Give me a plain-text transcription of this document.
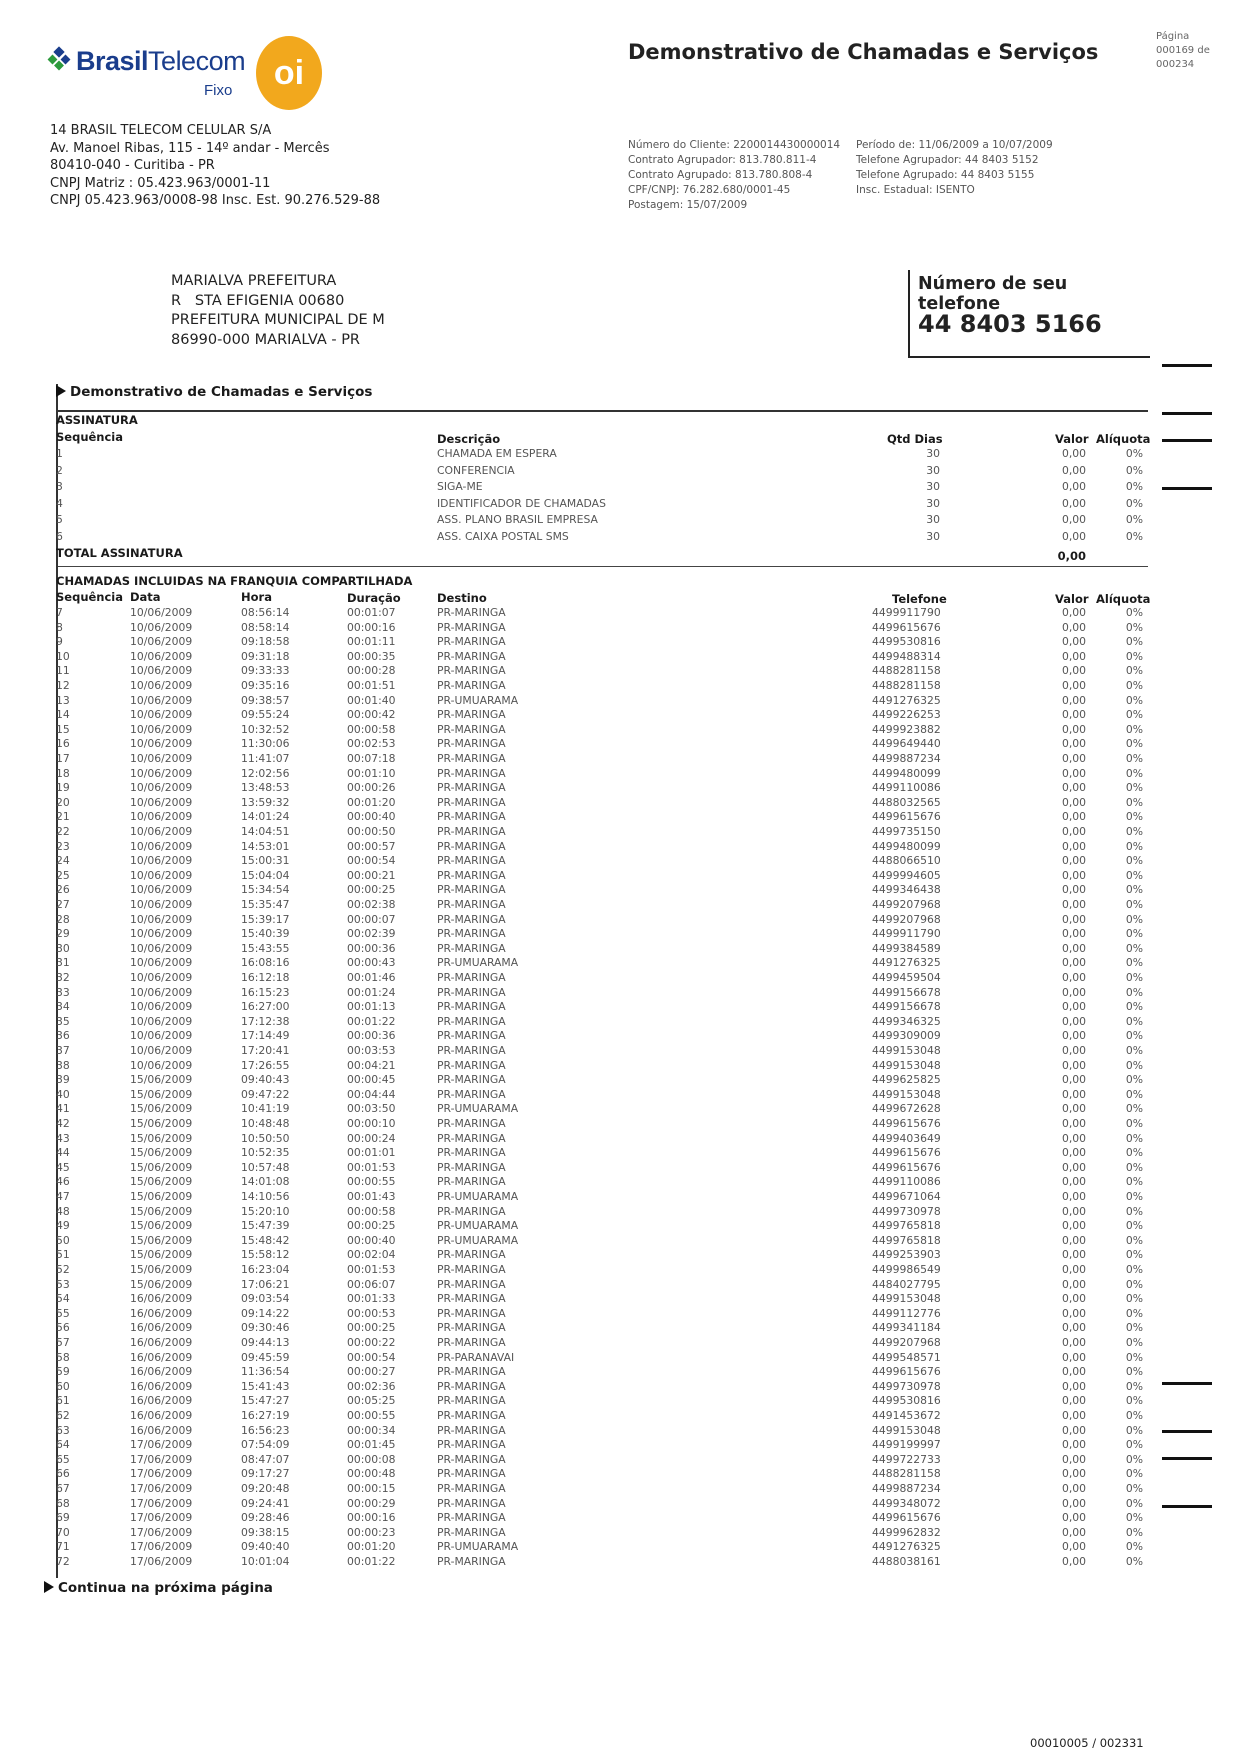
BrasilTelecom
Fixo	oi
Demonstrativo de Chamadas e Serviços
Página
000169 de
000234
14 BRASIL TELECOM CELULAR S/A
Av. Manoel Ribas, 115 - 14º andar - Mercês
80410-040 - Curitiba - PR
CNPJ Matriz : 05.423.963/0001-11
CNPJ 05.423.963/0008-98 Insc. Est. 90.276.529-88
Número do Cliente: 2200014430000014
Contrato Agrupador: 813.780.811-4
Contrato Agrupado: 813.780.808-4
CPF/CNPJ: 76.282.680/0001-45
Postagem: 15/07/2009
Período de: 11/06/2009 a 10/07/2009
Telefone Agrupador: 44 8403 5152
Telefone Agrupado: 44 8403 5155
Insc. Estadual: ISENTO
MARIALVA PREFEITURA
R   STA EFIGENIA 00680
PREFEITURA MUNICIPAL DE M
86990-000 MARIALVA - PR
Número de seu telefone
44 8403 5166
Demonstrativo de Chamadas e Serviços
ASSINATURA
Sequência	Descrição	Qtd Dias	Valor Alíquota
1	CHAMADA EM ESPERA	30	0,00	0%
2	CONFERENCIA	30	0,00	0%
3	SIGA-ME	30	0,00	0%
4	IDENTIFICADOR DE CHAMADAS	30	0,00	0%
5	ASS. PLANO BRASIL EMPRESA	30	0,00	0%
6	ASS. CAIXA POSTAL SMS	30	0,00	0%
TOTAL ASSINATURA	0,00
CHAMADAS INCLUIDAS NA FRANQUIA COMPARTILHADA
Sequência Data	Hora	Duração	Destino	Telefone	Valor Alíquota
7	10/06/2009	08:56:14	00:01:07	PR-MARINGA	4499911790	0,00	0%
8	10/06/2009	08:58:14	00:00:16	PR-MARINGA	4499615676	0,00	0%
9	10/06/2009	09:18:58	00:01:11	PR-MARINGA	4499530816	0,00	0%
10	10/06/2009	09:31:18	00:00:35	PR-MARINGA	4499488314	0,00	0%
11	10/06/2009	09:33:33	00:00:28	PR-MARINGA	4488281158	0,00	0%
12	10/06/2009	09:35:16	00:01:51	PR-MARINGA	4488281158	0,00	0%
13	10/06/2009	09:38:57	00:01:40	PR-UMUARAMA	4491276325	0,00	0%
14	10/06/2009	09:55:24	00:00:42	PR-MARINGA	4499226253	0,00	0%
15	10/06/2009	10:32:52	00:00:58	PR-MARINGA	4499923882	0,00	0%
16	10/06/2009	11:30:06	00:02:53	PR-MARINGA	4499649440	0,00	0%
17	10/06/2009	11:41:07	00:07:18	PR-MARINGA	4499887234	0,00	0%
18	10/06/2009	12:02:56	00:01:10	PR-MARINGA	4499480099	0,00	0%
19	10/06/2009	13:48:53	00:00:26	PR-MARINGA	4499110086	0,00	0%
20	10/06/2009	13:59:32	00:01:20	PR-MARINGA	4488032565	0,00	0%
21	10/06/2009	14:01:24	00:00:40	PR-MARINGA	4499615676	0,00	0%
22	10/06/2009	14:04:51	00:00:50	PR-MARINGA	4499735150	0,00	0%
23	10/06/2009	14:53:01	00:00:57	PR-MARINGA	4499480099	0,00	0%
24	10/06/2009	15:00:31	00:00:54	PR-MARINGA	4488066510	0,00	0%
25	10/06/2009	15:04:04	00:00:21	PR-MARINGA	4499994605	0,00	0%
26	10/06/2009	15:34:54	00:00:25	PR-MARINGA	4499346438	0,00	0%
27	10/06/2009	15:35:47	00:02:38	PR-MARINGA	4499207968	0,00	0%
28	10/06/2009	15:39:17	00:00:07	PR-MARINGA	4499207968	0,00	0%
29	10/06/2009	15:40:39	00:02:39	PR-MARINGA	4499911790	0,00	0%
30	10/06/2009	15:43:55	00:00:36	PR-MARINGA	4499384589	0,00	0%
31	10/06/2009	16:08:16	00:00:43	PR-UMUARAMA	4491276325	0,00	0%
32	10/06/2009	16:12:18	00:01:46	PR-MARINGA	4499459504	0,00	0%
33	10/06/2009	16:15:23	00:01:24	PR-MARINGA	4499156678	0,00	0%
34	10/06/2009	16:27:00	00:01:13	PR-MARINGA	4499156678	0,00	0%
35	10/06/2009	17:12:38	00:01:22	PR-MARINGA	4499346325	0,00	0%
36	10/06/2009	17:14:49	00:00:36	PR-MARINGA	4499309009	0,00	0%
37	10/06/2009	17:20:41	00:03:53	PR-MARINGA	4499153048	0,00	0%
38	10/06/2009	17:26:55	00:04:21	PR-MARINGA	4499153048	0,00	0%
39	15/06/2009	09:40:43	00:00:45	PR-MARINGA	4499625825	0,00	0%
40	15/06/2009	09:47:22	00:04:44	PR-MARINGA	4499153048	0,00	0%
41	15/06/2009	10:41:19	00:03:50	PR-UMUARAMA	4499672628	0,00	0%
42	15/06/2009	10:48:48	00:00:10	PR-MARINGA	4499615676	0,00	0%
43	15/06/2009	10:50:50	00:00:24	PR-MARINGA	4499403649	0,00	0%
44	15/06/2009	10:52:35	00:01:01	PR-MARINGA	4499615676	0,00	0%
45	15/06/2009	10:57:48	00:01:53	PR-MARINGA	4499615676	0,00	0%
46	15/06/2009	14:01:08	00:00:55	PR-MARINGA	4499110086	0,00	0%
47	15/06/2009	14:10:56	00:01:43	PR-UMUARAMA	4499671064	0,00	0%
48	15/06/2009	15:20:10	00:00:58	PR-MARINGA	4499730978	0,00	0%
49	15/06/2009	15:47:39	00:00:25	PR-UMUARAMA	4499765818	0,00	0%
50	15/06/2009	15:48:42	00:00:40	PR-UMUARAMA	4499765818	0,00	0%
51	15/06/2009	15:58:12	00:02:04	PR-MARINGA	4499253903	0,00	0%
52	15/06/2009	16:23:04	00:01:53	PR-MARINGA	4499986549	0,00	0%
53	15/06/2009	17:06:21	00:06:07	PR-MARINGA	4484027795	0,00	0%
54	16/06/2009	09:03:54	00:01:33	PR-MARINGA	4499153048	0,00	0%
55	16/06/2009	09:14:22	00:00:53	PR-MARINGA	4499112776	0,00	0%
56	16/06/2009	09:30:46	00:00:25	PR-MARINGA	4499341184	0,00	0%
57	16/06/2009	09:44:13	00:00:22	PR-MARINGA	4499207968	0,00	0%
58	16/06/2009	09:45:59	00:00:54	PR-PARANAVAI	4499548571	0,00	0%
59	16/06/2009	11:36:54	00:00:27	PR-MARINGA	4499615676	0,00	0%
60	16/06/2009	15:41:43	00:02:36	PR-MARINGA	4499730978	0,00	0%
61	16/06/2009	15:47:27	00:05:25	PR-MARINGA	4499530816	0,00	0%
62	16/06/2009	16:27:19	00:00:55	PR-MARINGA	4491453672	0,00	0%
63	16/06/2009	16:56:23	00:00:34	PR-MARINGA	4499153048	0,00	0%
64	17/06/2009	07:54:09	00:01:45	PR-MARINGA	4499199997	0,00	0%
65	17/06/2009	08:47:07	00:00:08	PR-MARINGA	4499722733	0,00	0%
66	17/06/2009	09:17:27	00:00:48	PR-MARINGA	4488281158	0,00	0%
67	17/06/2009	09:20:48	00:00:15	PR-MARINGA	4499887234	0,00	0%
68	17/06/2009	09:24:41	00:00:29	PR-MARINGA	4499348072	0,00	0%
69	17/06/2009	09:28:46	00:00:16	PR-MARINGA	4499615676	0,00	0%
70	17/06/2009	09:38:15	00:00:23	PR-MARINGA	4499962832	0,00	0%
71	17/06/2009	09:40:40	00:01:20	PR-UMUARAMA	4491276325	0,00	0%
72	17/06/2009	10:01:04	00:01:22	PR-MARINGA	4488038161	0,00	0%
Continua na próxima página
00010005 / 002331
